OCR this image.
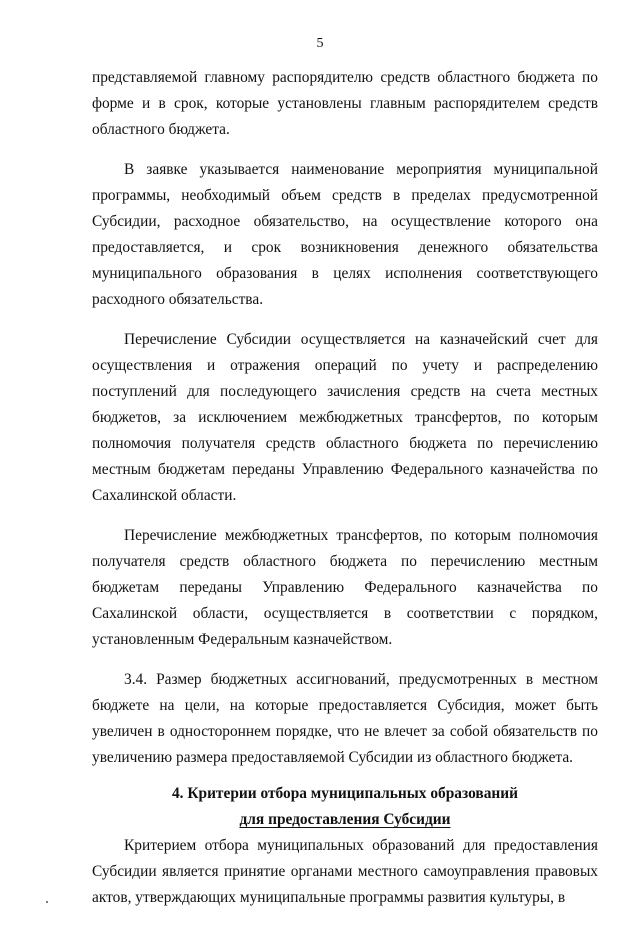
5

представляемой главному распорядителю средств областного бюджета по форме и в срок, которые установлены главным распорядителем средств областного бюджета.

В заявке указывается наименование мероприятия муниципальной программы, необходимый объем средств в пределах предусмотренной Субсидии, расходное обязательство, на осуществление которого она предоставляется, и срок возникновения денежного обязательства муниципального образования в целях исполнения соответствующего расходного обязательства.

Перечисление Субсидии осуществляется на казначейский счет для осуществления и отражения операций по учету и распределению поступлений для последующего зачисления средств на счета местных бюджетов, за исключением межбюджетных трансфертов, по которым полномочия получателя средств областного бюджета по перечислению местным бюджетам переданы Управлению Федерального казначейства по Сахалинской области.

Перечисление межбюджетных трансфертов, по которым полномочия получателя средств областного бюджета по перечислению местным бюджетам переданы Управлению Федерального казначейства по Сахалинской области, осуществляется в соответствии с порядком, установленным Федеральным казначейством.

3.4. Размер бюджетных ассигнований, предусмотренных в местном бюджете на цели, на которые предоставляется Субсидия, может быть увеличен в одностороннем порядке, что не влечет за собой обязательств по увеличению размера предоставляемой Субсидии из областного бюджета.

4. Критерии отбора муниципальных образований

для предоставления Субсидии

Критерием отбора муниципальных образований для предоставления Субсидии является принятие органами местного самоуправления правовых актов, утверждающих муниципальные программы развития культуры, в
